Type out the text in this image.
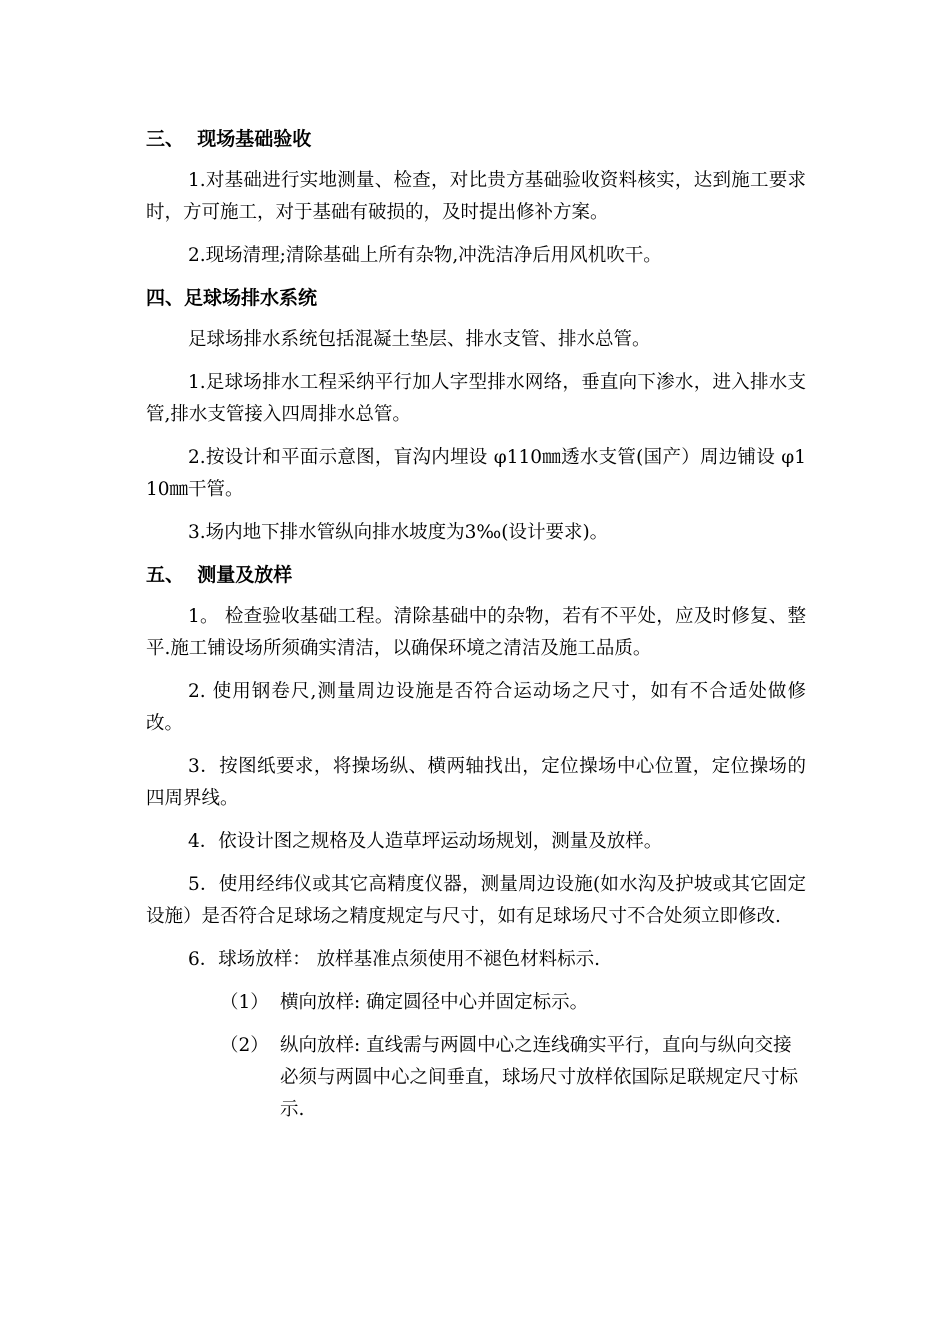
三、  现场基础验收

1.对基础进行实地测量、检查，对比贵方基础验收资料核实，达到施工要求时，方可施工，对于基础有破损的，及时提出修补方案。

2.现场清理;清除基础上所有杂物,冲洗洁净后用风机吹干。

四、足球场排水系统

足球场排水系统包括混凝土垫层、排水支管、排水总管。

1.足球场排水工程采纳平行加人字型排水网络，垂直向下渗水，进入排水支管,排水支管接入四周排水总管。

2.按设计和平面示意图，盲沟内埋设 φ110㎜透水支管(国产）周边铺设 φ110㎜干管。

3.场内地下排水管纵向排水坡度为3‰(设计要求)。

五、  测量及放样

1。 检查验收基础工程。清除基础中的杂物，若有不平处，应及时修复、整平.施工铺设场所须确实清洁，以确保环境之清洁及施工品质。

2. 使用钢卷尺,测量周边设施是否符合运动场之尺寸，如有不合适处做修改。

3．按图纸要求，将操场纵、横两轴找出，定位操场中心位置，定位操场的四周界线。

4．依设计图之规格及人造草坪运动场规划，测量及放样。

5．使用经纬仪或其它高精度仪器，测量周边设施(如水沟及护坡或其它固定设施）是否符合足球场之精度规定与尺寸，如有足球场尺寸不合处须立即修改.

6．球场放样： 放样基准点须使用不褪色材料标示.

（1） 横向放样: 确定圆径中心并固定标示。
（2） 纵向放样: 直线需与两圆中心之连线确实平行，直向与纵向交接必须与两圆中心之间垂直，球场尺寸放样依国际足联规定尺寸标示.
